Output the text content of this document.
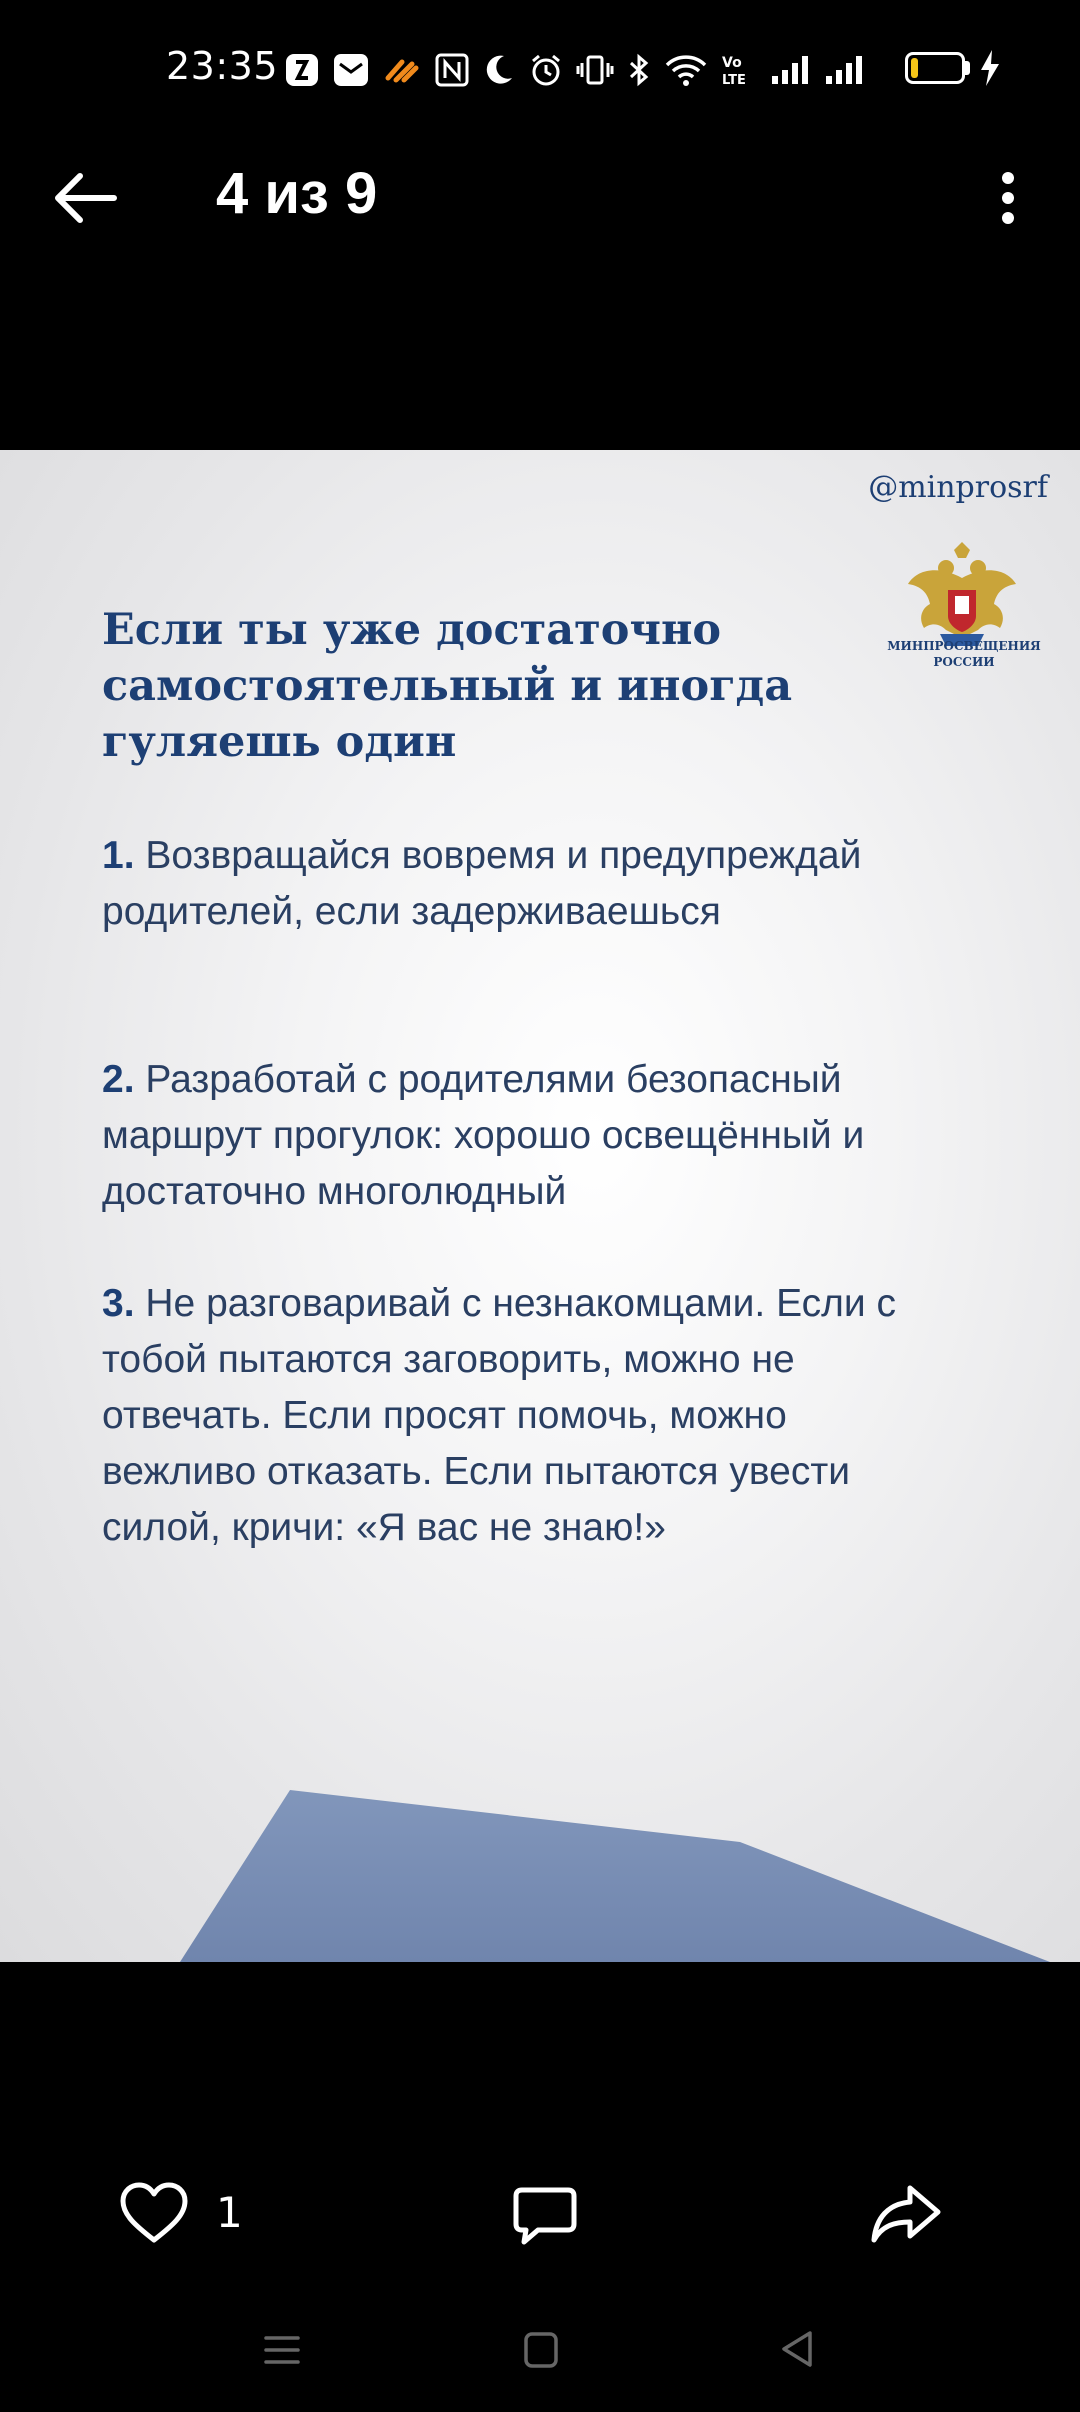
23:35	Vo
LTE
4 из 9
@minprosrf
МИНПРОСВЕЩЕНИЯ РОССИИ
Если ты уже достаточно самостоятельный и иногда гуляешь один
1. Возвращайся вовремя и предупреждай родителей, если задерживаешься
2. Разработай с родителями безопасный маршрут прогулок: хорошо освещённый и достаточно многолюдный
3. Не разговаривай с незнакомцами. Если с тобой пытаются заговорить, можно не отвечать. Если просят помочь, можно вежливо отказать. Если пытаются увести силой, кричи: «Я вас не знаю!»
1
